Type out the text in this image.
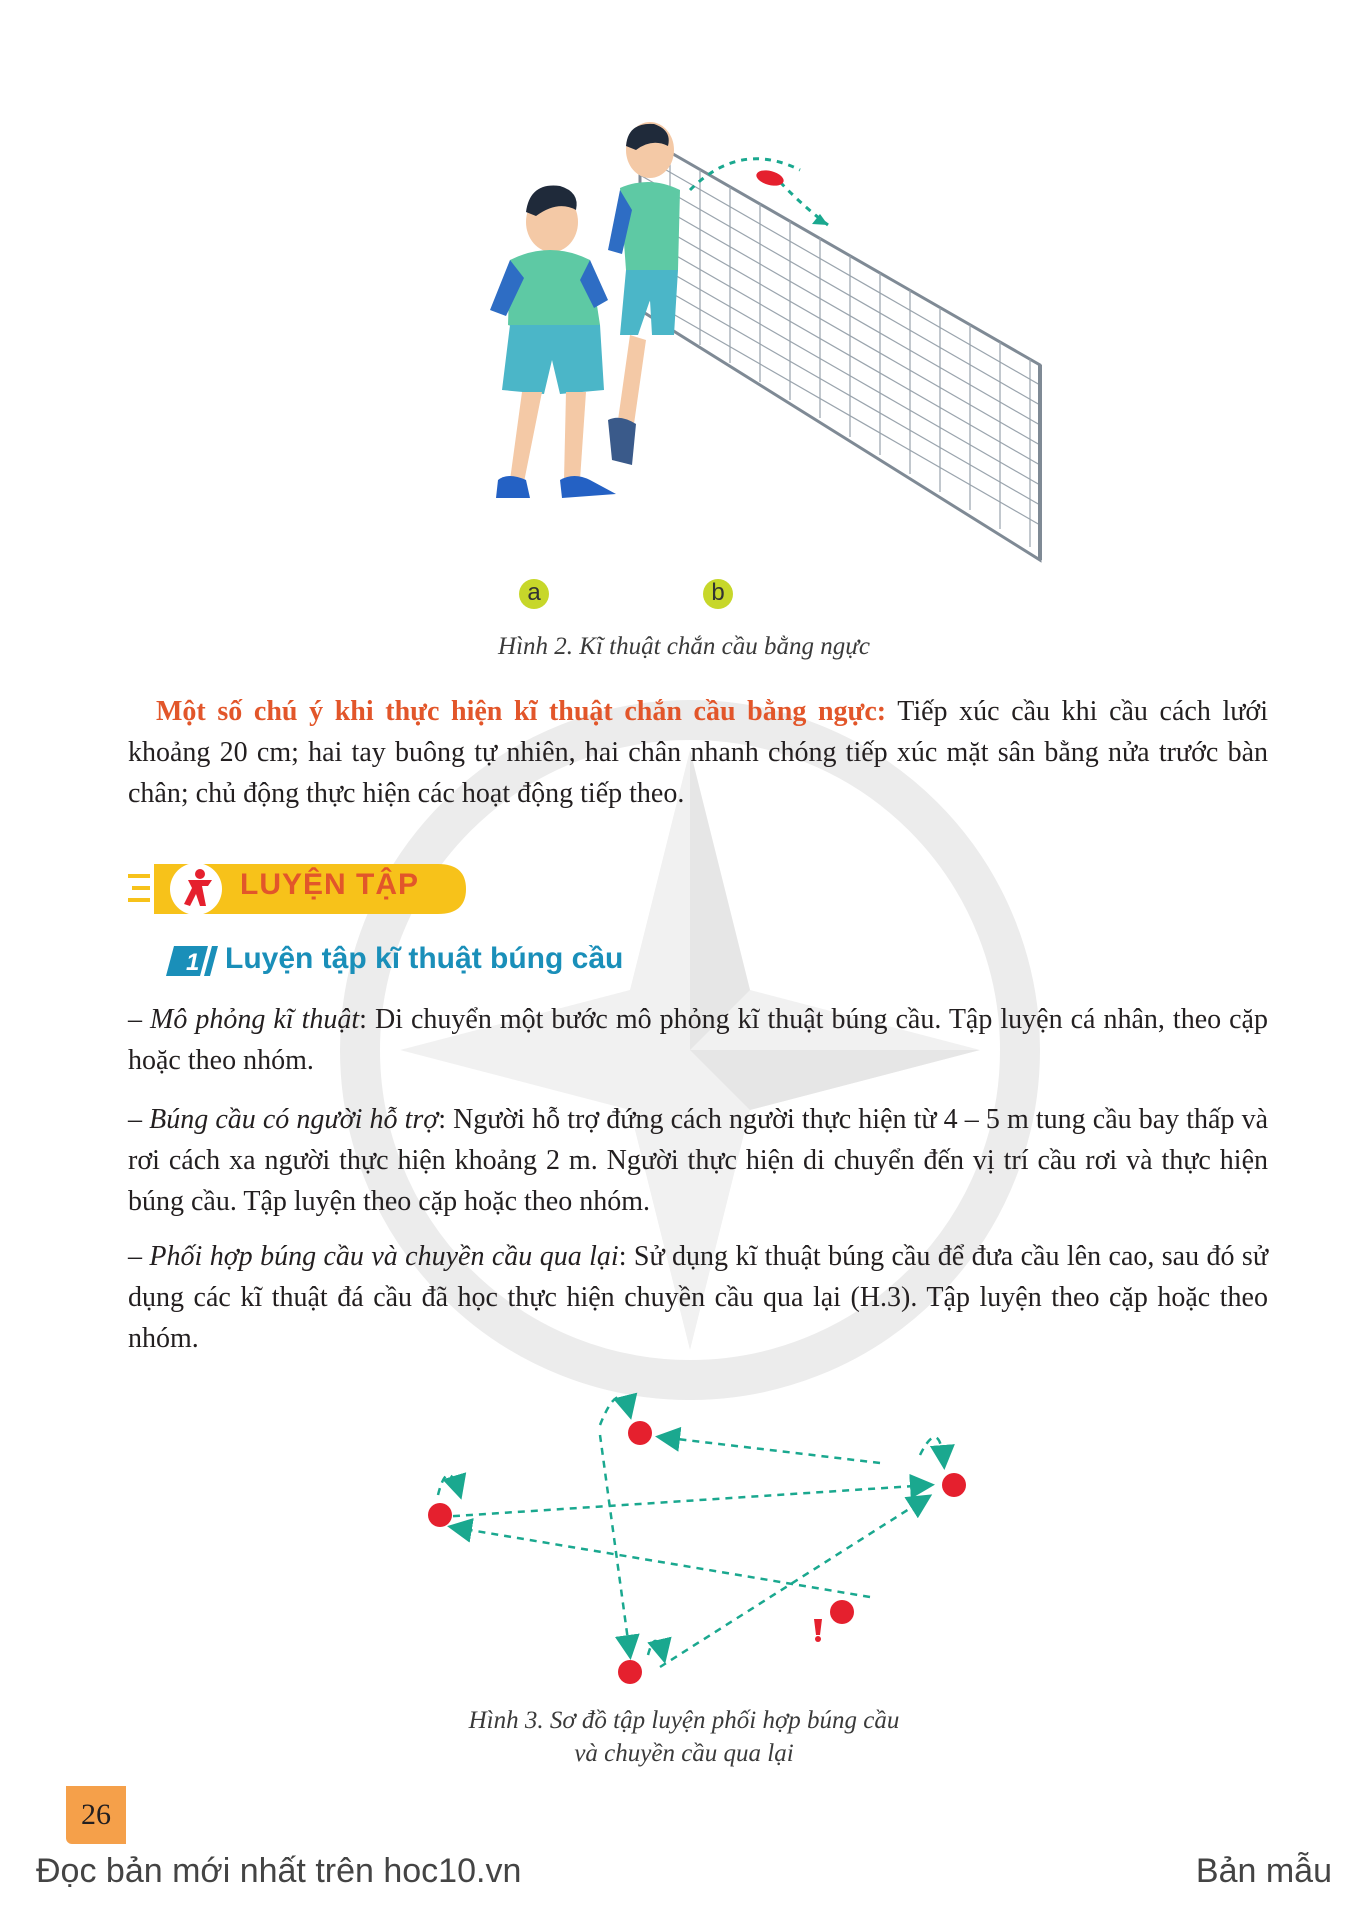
a	b
Hình 2. Kĩ thuật chắn cầu bằng ngực
Một số chú ý khi thực hiện kĩ thuật chắn cầu bằng ngực: Tiếp xúc cầu khi cầu cách lưới khoảng 20 cm; hai tay buông tự nhiên, hai chân nhanh chóng tiếp xúc mặt sân bằng nửa trước bàn chân; chủ động thực hiện các hoạt động tiếp theo.
LUYỆN TẬP
1 Luyện tập kĩ thuật búng cầu
– Mô phỏng kĩ thuật: Di chuyển một bước mô phỏng kĩ thuật búng cầu. Tập luyện cá nhân, theo cặp hoặc theo nhóm.
– Búng cầu có người hỗ trợ: Người hỗ trợ đứng cách người thực hiện từ 4 – 5 m tung cầu bay thấp và rơi cách xa người thực hiện khoảng 2 m. Người thực hiện di chuyển đến vị trí cầu rơi và thực hiện búng cầu. Tập luyện theo cặp hoặc theo nhóm.
– Phối hợp búng cầu và chuyền cầu qua lại: Sử dụng kĩ thuật búng cầu để đưa cầu lên cao, sau đó sử dụng các kĩ thuật đá cầu đã học thực hiện chuyền cầu qua lại (H.3). Tập luyện theo cặp hoặc theo nhóm.
Hình 3. Sơ đồ tập luyện phối hợp búng cầu
và chuyền cầu qua lại
26
Đọc bản mới nhất trên hoc10.vn	Bản mẫu
